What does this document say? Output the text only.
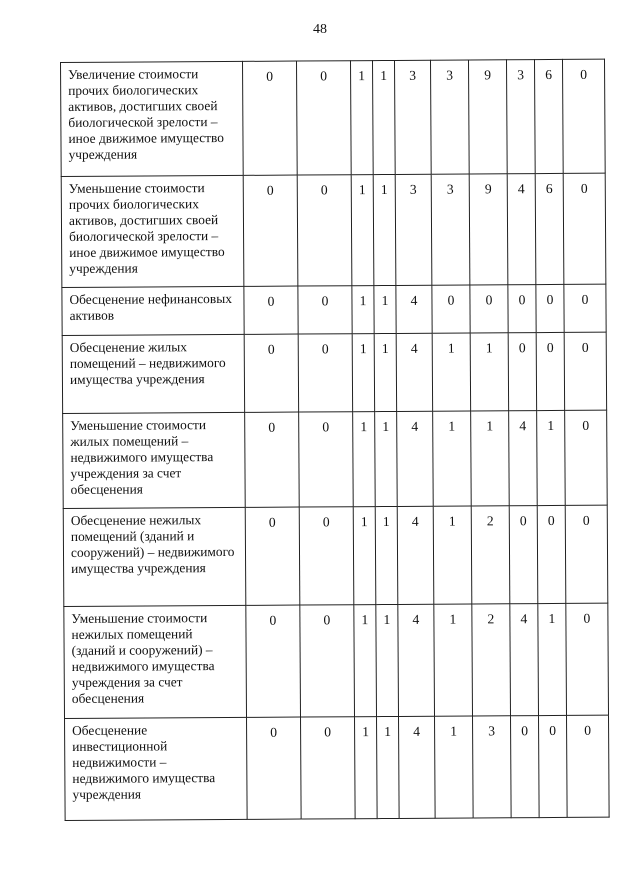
48
Увеличение стоимости прочих биологических активов, достигших своей биологической зрелости – иное движимое имущество учреждения	0	0	1	1	3	3	9	3	6	0
Уменьшение стоимости прочих биологических активов, достигших своей биологической зрелости – иное движимое имущество учреждения	0	0	1	1	3	3	9	4	6	0
Обесценение нефинансовых активов	0	0	1	1	4	0	0	0	0	0
Обесценение жилых помещений – недвижимого имущества учреждения	0	0	1	1	4	1	1	0	0	0
Уменьшение стоимости жилых помещений – недвижимого имущества учреждения за счет обесценения	0	0	1	1	4	1	1	4	1	0
Обесценение нежилых помещений (зданий и сооружений) – недвижимого имущества учреждения	0	0	1	1	4	1	2	0	0	0
Уменьшение стоимости нежилых помещений (зданий и сооружений) – недвижимого имущества учреждения за счет обесценения	0	0	1	1	4	1	2	4	1	0
Обесценение инвестиционной недвижимости – недвижимого имущества учреждения	0	0	1	1	4	1	3	0	0	0
